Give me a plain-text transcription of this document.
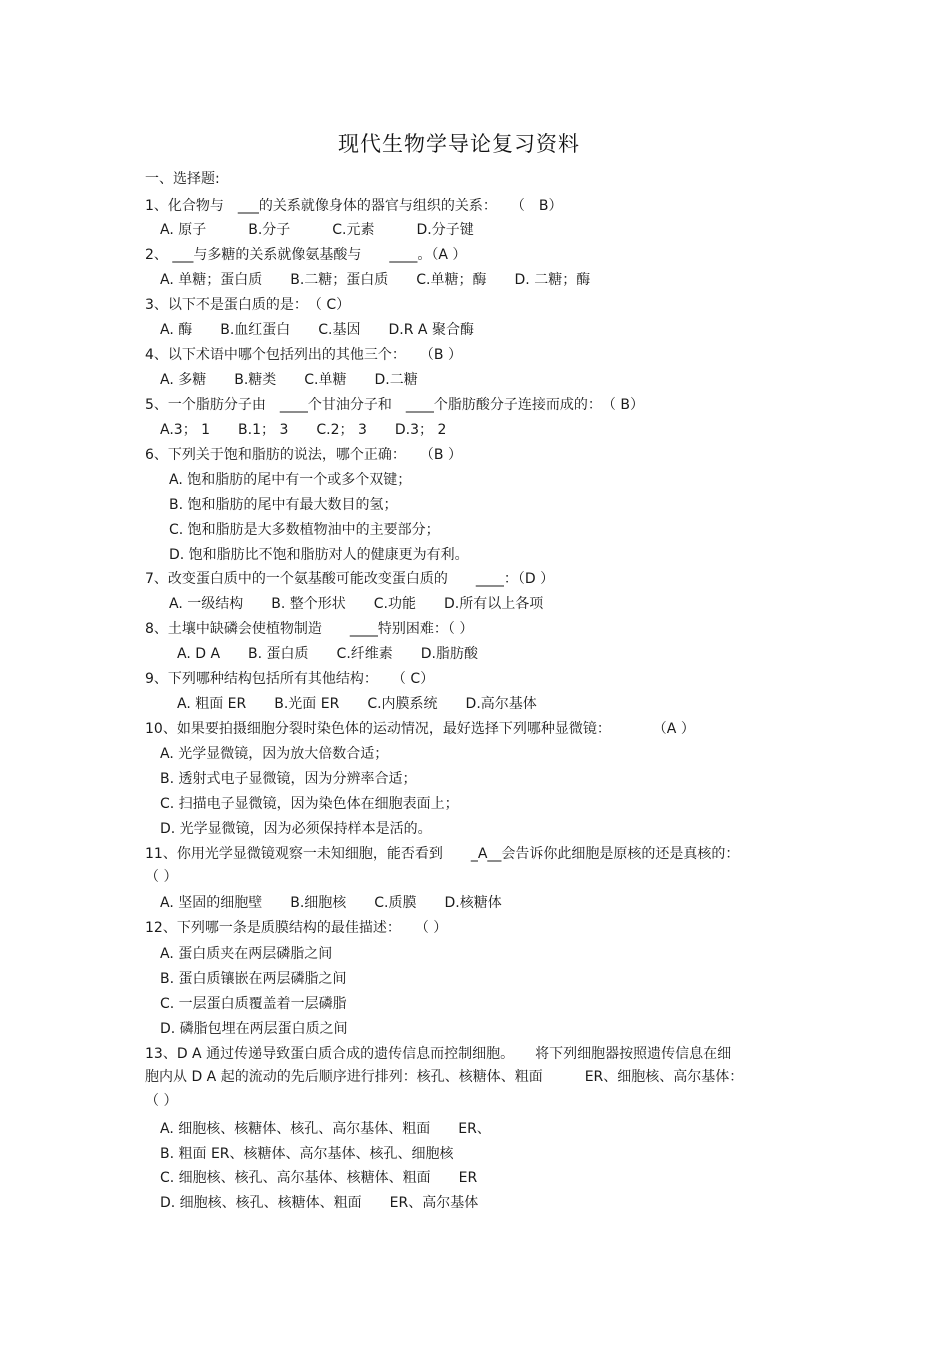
现代生物学导论复习资料
一、选择题:
1、化合物与　___的关系就像身体的器官与组织的关系：　　（　B）
A. 原子　　　B.分子　　　C.元素　　　D.分子键
2、 ___与多糖的关系就像氨基酸与　　____。（A ）
A. 单糖；蛋白质　　B.二糖；蛋白质　　C.单糖；酶　　D. 二糖；酶
3、以下不是蛋白质的是：　（ C）
A. 酶　　B.血红蛋白　　C.基因　　D.R A 聚合酶
4、以下术语中哪个包括列出的其他三个：　　（B ）
A. 多糖　　B.糖类　　C.单糖　　D.二糖
5、一个脂肪分子由　____个甘油分子和　____个脂肪酸分子连接而成的：　（ B）
A.3； 1　　B.1； 3　　C.2； 3　　D.3； 2
6、下列关于饱和脂肪的说法，哪个正确：　　（B ）
A. 饱和脂肪的尾中有一个或多个双键；
B. 饱和脂肪的尾中有最大数目的氢；
C. 饱和脂肪是大多数植物油中的主要部分；
D. 饱和脂肪比不饱和脂肪对人的健康更为有利。
7、改变蛋白质中的一个氨基酸可能改变蛋白质的　　____：（D ）
A. 一级结构　　B. 整个形状　　C.功能　　D.所有以上各项
8、土壤中缺磷会使植物制造　　____特别困难：（ ）
A. D A　　B. 蛋白质　　C.纤维素　　D.脂肪酸
9、下列哪种结构包括所有其他结构：　　（ C）
A. 粗面 ER　　B.光面 ER　　C.内膜系统　　D.高尔基体
10、如果要拍摄细胞分裂时染色体的运动情况，最好选择下列哪种显微镜：　　　　（A ）
A. 光学显微镜，因为放大倍数合适；
B. 透射式电子显微镜，因为分辨率合适；
C. 扫描电子显微镜，因为染色体在细胞表面上；
D. 光学显微镜，因为必须保持样本是活的。
11、你用光学显微镜观察一未知细胞，能否看到　　_A__会告诉你此细胞是原核的还是真核的：
（ ）
A. 坚固的细胞壁　　B.细胞核　　C.质膜　　D.核糖体
12、下列哪一条是质膜结构的最佳描述：　　（ ）
A. 蛋白质夹在两层磷脂之间
B. 蛋白质镶嵌在两层磷脂之间
C. 一层蛋白质覆盖着一层磷脂
D. 磷脂包埋在两层蛋白质之间
13、D A 通过传递导致蛋白质合成的遗传信息而控制细胞。　　将下列细胞器按照遗传信息在细
胞内从 D A 起的流动的先后顺序进行排列：核孔、核糖体、粗面　　　ER、细胞核、高尔基体：
（ ）
A. 细胞核、核糖体、核孔、高尔基体、粗面　　ER、
B. 粗面 ER、核糖体、高尔基体、核孔、细胞核
C. 细胞核、核孔、高尔基体、核糖体、粗面　　ER
D. 细胞核、核孔、核糖体、粗面　　ER、高尔基体
